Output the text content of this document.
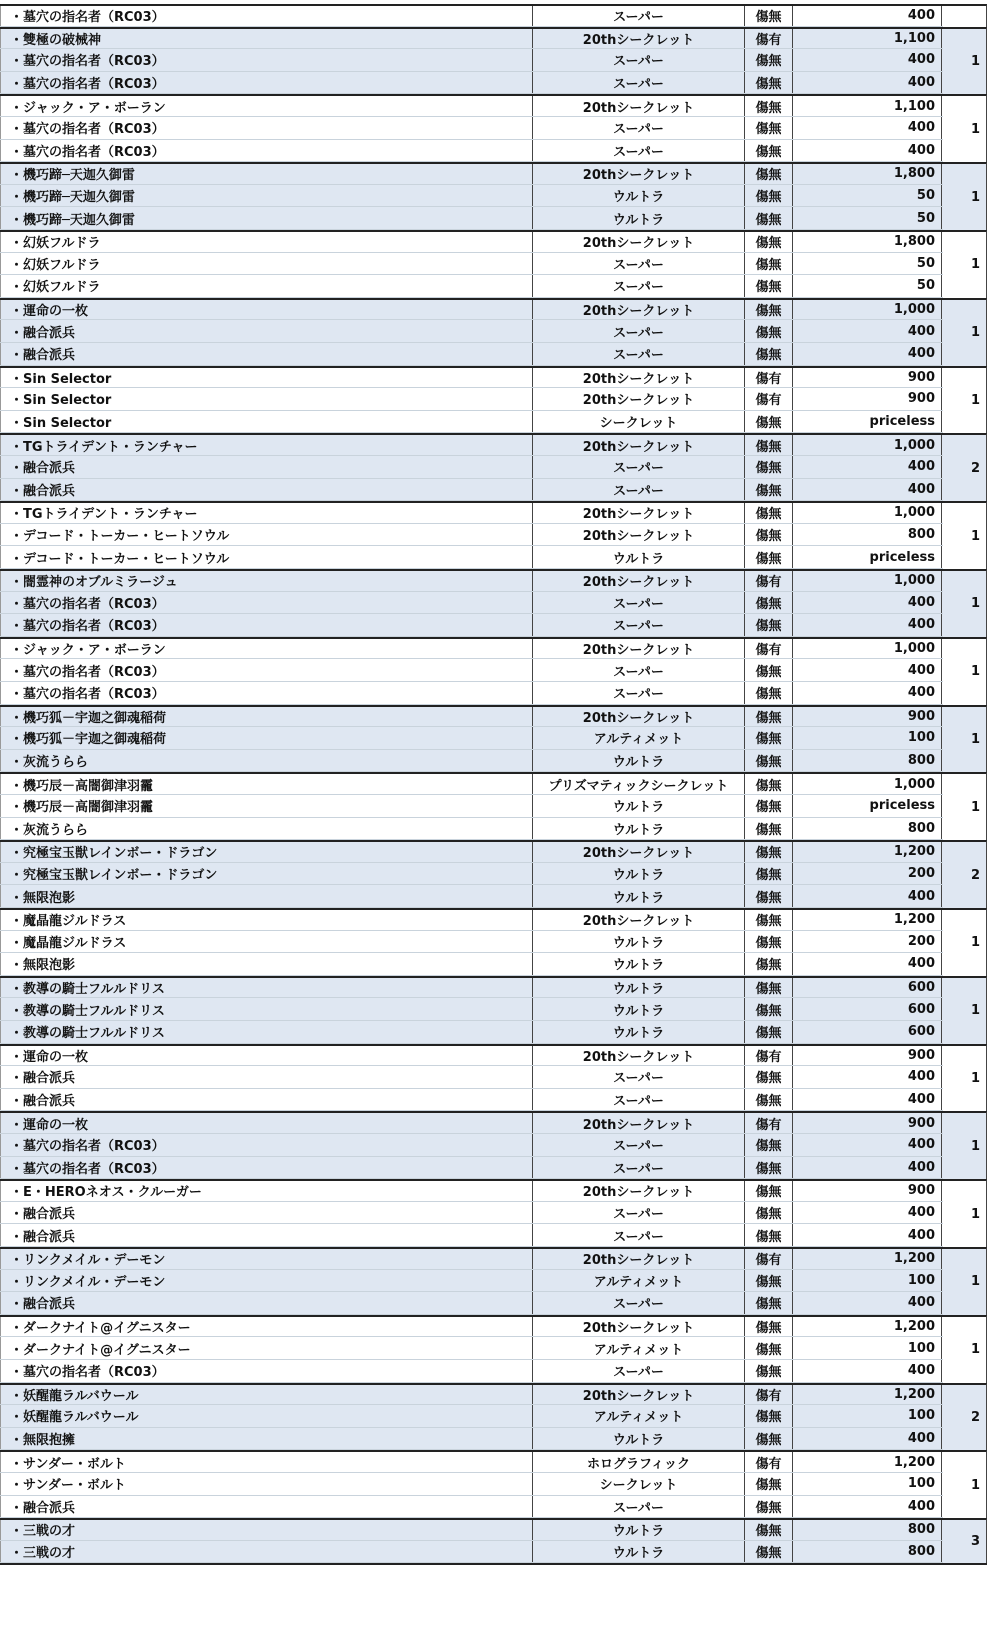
・墓穴の指名者（RC03）	スーパー	傷無	400
・雙極の破械神	20thシークレット	傷有	1,100
・墓穴の指名者（RC03）	スーパー	傷無	400
・墓穴の指名者（RC03）	スーパー	傷無	400
1
・ジャック・ア・ボーラン	20thシークレット	傷無	1,100
・墓穴の指名者（RC03）	スーパー	傷無	400
・墓穴の指名者（RC03）	スーパー	傷無	400
1
・機巧蹄─天迦久御雷	20thシークレット	傷無	1,800
・機巧蹄─天迦久御雷	ウルトラ	傷無	50
・機巧蹄─天迦久御雷	ウルトラ	傷無	50
1
・幻妖フルドラ	20thシークレット	傷無	1,800
・幻妖フルドラ	スーパー	傷無	50
・幻妖フルドラ	スーパー	傷無	50
1
・運命の一枚	20thシークレット	傷無	1,000
・融合派兵	スーパー	傷無	400
・融合派兵	スーパー	傷無	400
1
・Sin Selector	20thシークレット	傷有	900
・Sin Selector	20thシークレット	傷有	900
・Sin Selector	シークレット	傷無	priceless
1
・TGトライデント・ランチャー	20thシークレット	傷無	1,000
・融合派兵	スーパー	傷無	400
・融合派兵	スーパー	傷無	400
2
・TGトライデント・ランチャー	20thシークレット	傷無	1,000
・デコード・トーカー・ヒートソウル	20thシークレット	傷無	800
・デコード・トーカー・ヒートソウル	ウルトラ	傷無	priceless
1
・闇霊神のオブルミラージュ	20thシークレット	傷有	1,000
・墓穴の指名者（RC03）	スーパー	傷無	400
・墓穴の指名者（RC03）	スーパー	傷無	400
1
・ジャック・ア・ボーラン	20thシークレット	傷有	1,000
・墓穴の指名者（RC03）	スーパー	傷無	400
・墓穴の指名者（RC03）	スーパー	傷無	400
1
・機巧狐－宇迦之御魂稲荷	20thシークレット	傷無	900
・機巧狐－宇迦之御魂稲荷	アルティメット	傷無	100
・灰流うらら	ウルトラ	傷無	800
1
・機巧辰－高闇御津羽靇	プリズマティックシークレット	傷無	1,000
・機巧辰－高闇御津羽靇	ウルトラ	傷無	priceless
・灰流うらら	ウルトラ	傷無	800
1
・究極宝玉獣レインボー・ドラゴン	20thシークレット	傷無	1,200
・究極宝玉獣レインボー・ドラゴン	ウルトラ	傷無	200
・無限泡影	ウルトラ	傷無	400
2
・魔晶龍ジルドラス	20thシークレット	傷無	1,200
・魔晶龍ジルドラス	ウルトラ	傷無	200
・無限泡影	ウルトラ	傷無	400
1
・教導の騎士フルルドリス	ウルトラ	傷無	600
・教導の騎士フルルドリス	ウルトラ	傷無	600
・教導の騎士フルルドリス	ウルトラ	傷無	600
1
・運命の一枚	20thシークレット	傷有	900
・融合派兵	スーパー	傷無	400
・融合派兵	スーパー	傷無	400
1
・運命の一枚	20thシークレット	傷有	900
・墓穴の指名者（RC03）	スーパー	傷無	400
・墓穴の指名者（RC03）	スーパー	傷無	400
1
・E・HEROネオス・クルーガー	20thシークレット	傷無	900
・融合派兵	スーパー	傷無	400
・融合派兵	スーパー	傷無	400
1
・リンクメイル・デーモン	20thシークレット	傷有	1,200
・リンクメイル・デーモン	アルティメット	傷無	100
・融合派兵	スーパー	傷無	400
1
・ダークナイト@イグニスター	20thシークレット	傷無	1,200
・ダークナイト@イグニスター	アルティメット	傷無	100
・墓穴の指名者（RC03）	スーパー	傷無	400
1
・妖醒龍ラルバウール	20thシークレット	傷有	1,200
・妖醒龍ラルバウール	アルティメット	傷無	100
・無限抱擁	ウルトラ	傷無	400
2
・サンダー・ボルト	ホログラフィック	傷有	1,200
・サンダー・ボルト	シークレット	傷無	100
・融合派兵	スーパー	傷無	400
1
・三戦の才	ウルトラ	傷無	800
・三戦の才	ウルトラ	傷無	800
3
